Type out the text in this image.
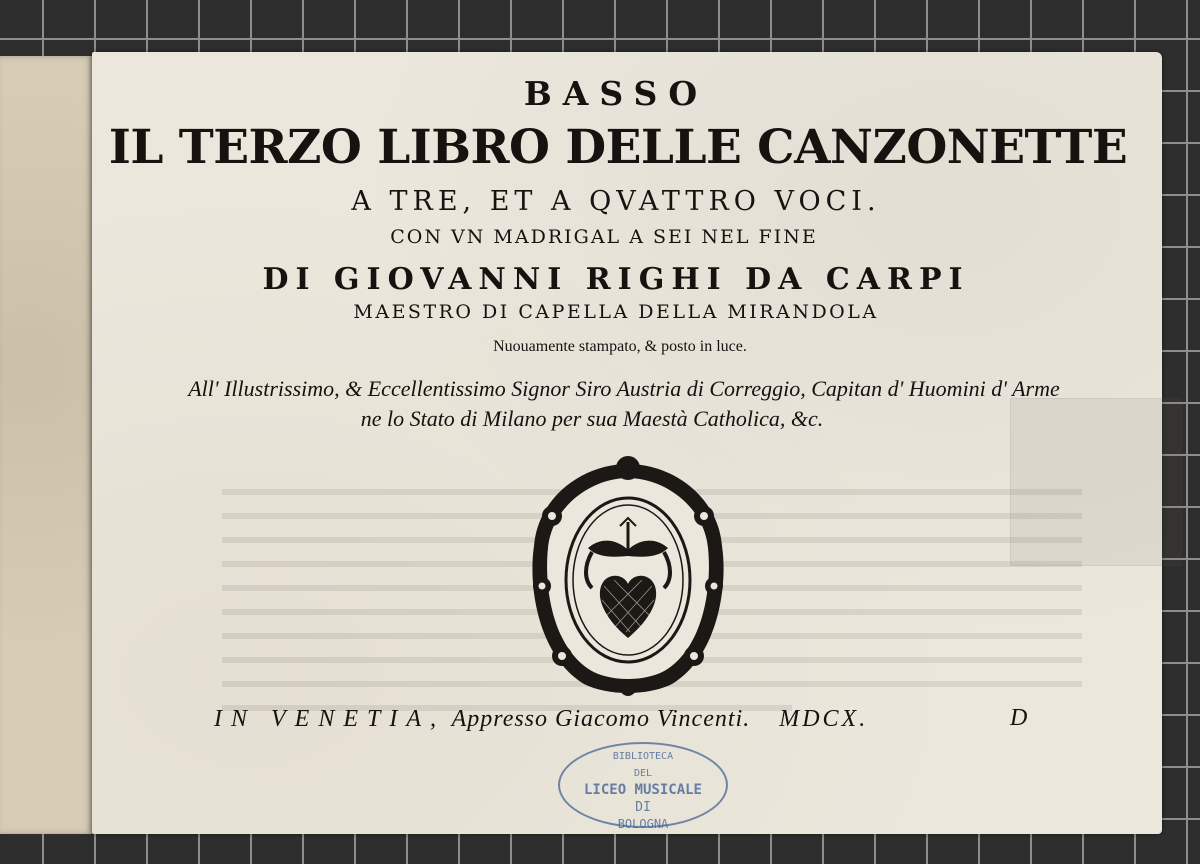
BASSO
IL TERZO LIBRO DELLE CANZONETTE
A TRE, ET A QVATTRO VOCI.
CON VN MADRIGAL A SEI NEL FINE
DI GIOVANNI RIGHI DA CARPI
MAESTRO DI CAPELLA DELLA MIRANDOLA
Nuouamente stampato, & posto in luce.
All' Illustrissimo, & Eccellentissimo Signor Siro Austria di Correggio, Capitan d' Huomini d' Arme
ne lo Stato di Milano per sua Maestà Catholica, &c.
IN VENETIA, Appresso Giacomo Vincenti. MDCX.	D
BIBLIOTECA
DEL
LICEO MUSICALE
DI
BOLOGNA
